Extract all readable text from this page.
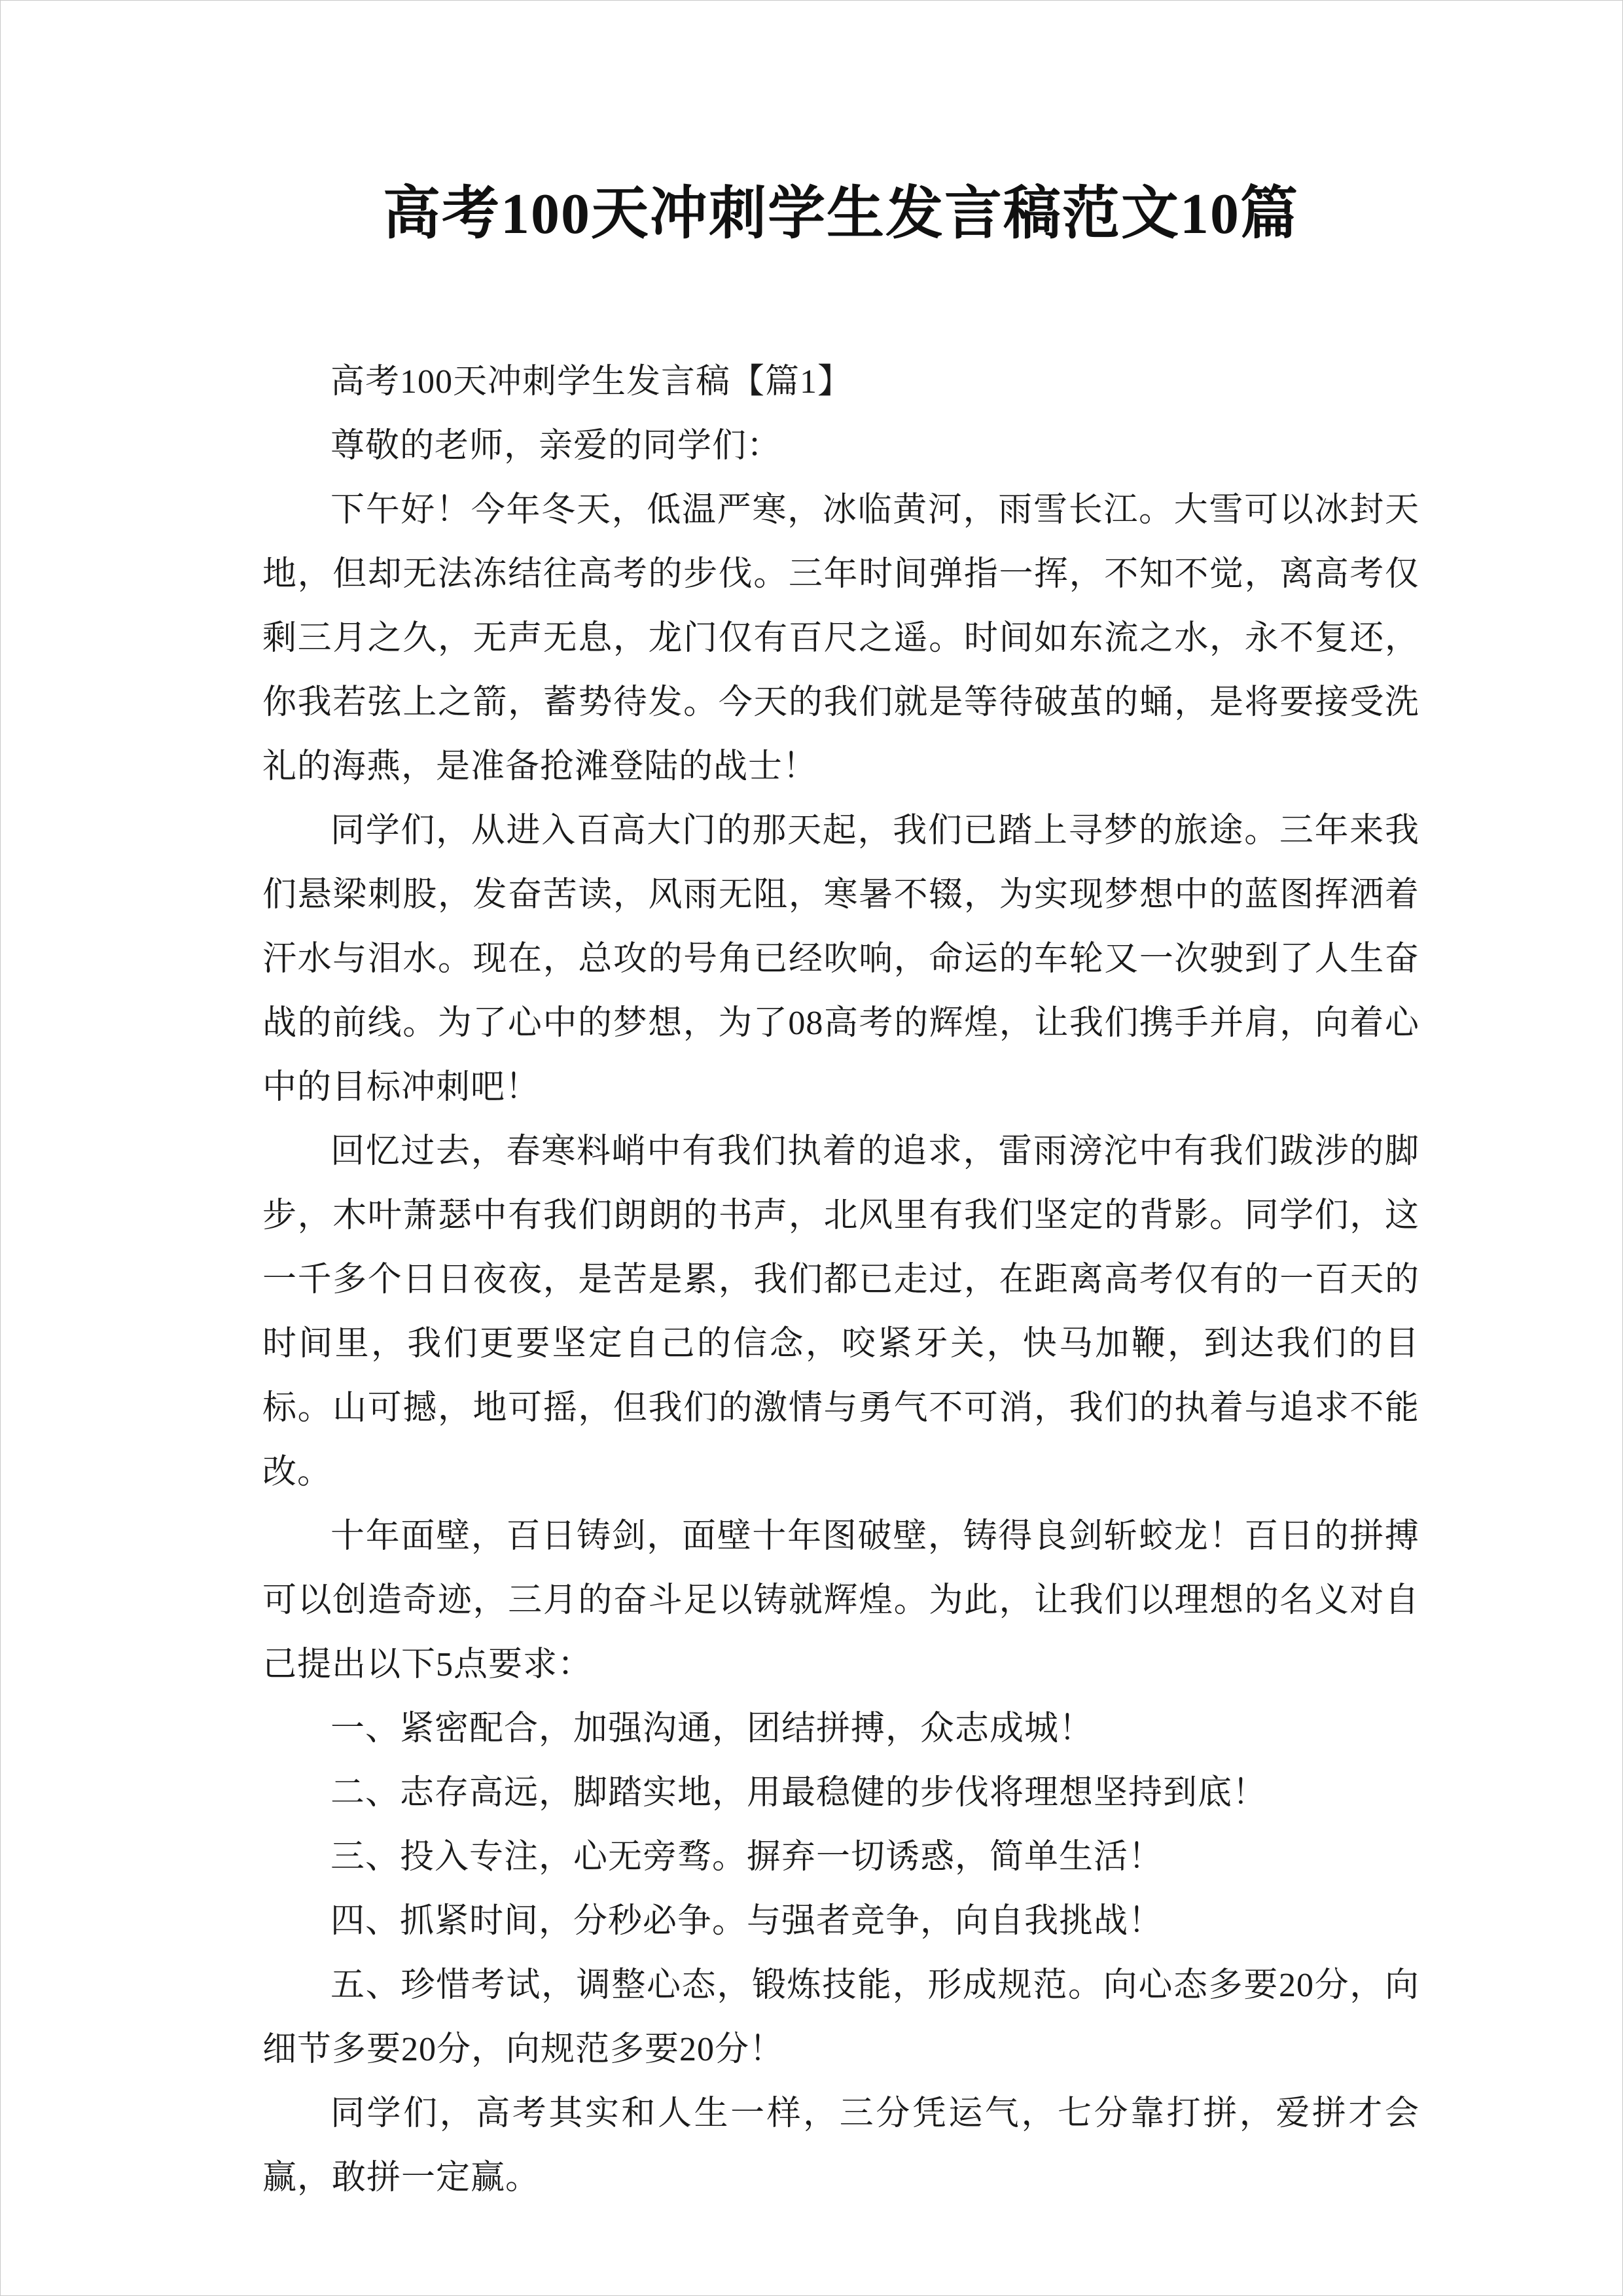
高考100天冲刺学生发言稿范文10篇

高考100天冲刺学生发言稿【篇1】

尊敬的老师，亲爱的同学们：

下午好！今年冬天，低温严寒，冰临黄河，雨雪长江。大雪可以冰封天地，但却无法冻结往高考的步伐。三年时间弹指一挥，不知不觉，离高考仅剩三月之久，无声无息，龙门仅有百尺之遥。时间如东流之水，永不复还，你我若弦上之箭，蓄势待发。今天的我们就是等待破茧的蛹，是将要接受洗礼的海燕，是准备抢滩登陆的战士！

同学们，从进入百高大门的那天起，我们已踏上寻梦的旅途。三年来我们悬梁刺股，发奋苦读，风雨无阻，寒暑不辍，为实现梦想中的蓝图挥洒着汗水与泪水。现在，总攻的号角已经吹响，命运的车轮又一次驶到了人生奋战的前线。为了心中的梦想，为了08高考的辉煌，让我们携手并肩，向着心中的目标冲刺吧！

回忆过去，春寒料峭中有我们执着的追求，雷雨滂沱中有我们跋涉的脚步，木叶萧瑟中有我们朗朗的书声，北风里有我们坚定的背影。同学们，这一千多个日日夜夜，是苦是累，我们都已走过，在距离高考仅有的一百天的时间里，我们更要坚定自己的信念，咬紧牙关，快马加鞭，到达我们的目标。山可撼，地可摇，但我们的激情与勇气不可消，我们的执着与追求不能改。

十年面壁，百日铸剑，面壁十年图破壁，铸得良剑斩蛟龙！百日的拼搏可以创造奇迹，三月的奋斗足以铸就辉煌。为此，让我们以理想的名义对自己提出以下5点要求：

一、紧密配合，加强沟通，团结拼搏，众志成城！

二、志存高远，脚踏实地，用最稳健的步伐将理想坚持到底！

三、投入专注，心无旁骛。摒弃一切诱惑，简单生活！

四、抓紧时间，分秒必争。与强者竞争，向自我挑战！

五、珍惜考试，调整心态，锻炼技能，形成规范。向心态多要20分，向细节多要20分，向规范多要20分！

同学们，高考其实和人生一样，三分凭运气，七分靠打拼，爱拼才会赢，敢拼一定赢。
